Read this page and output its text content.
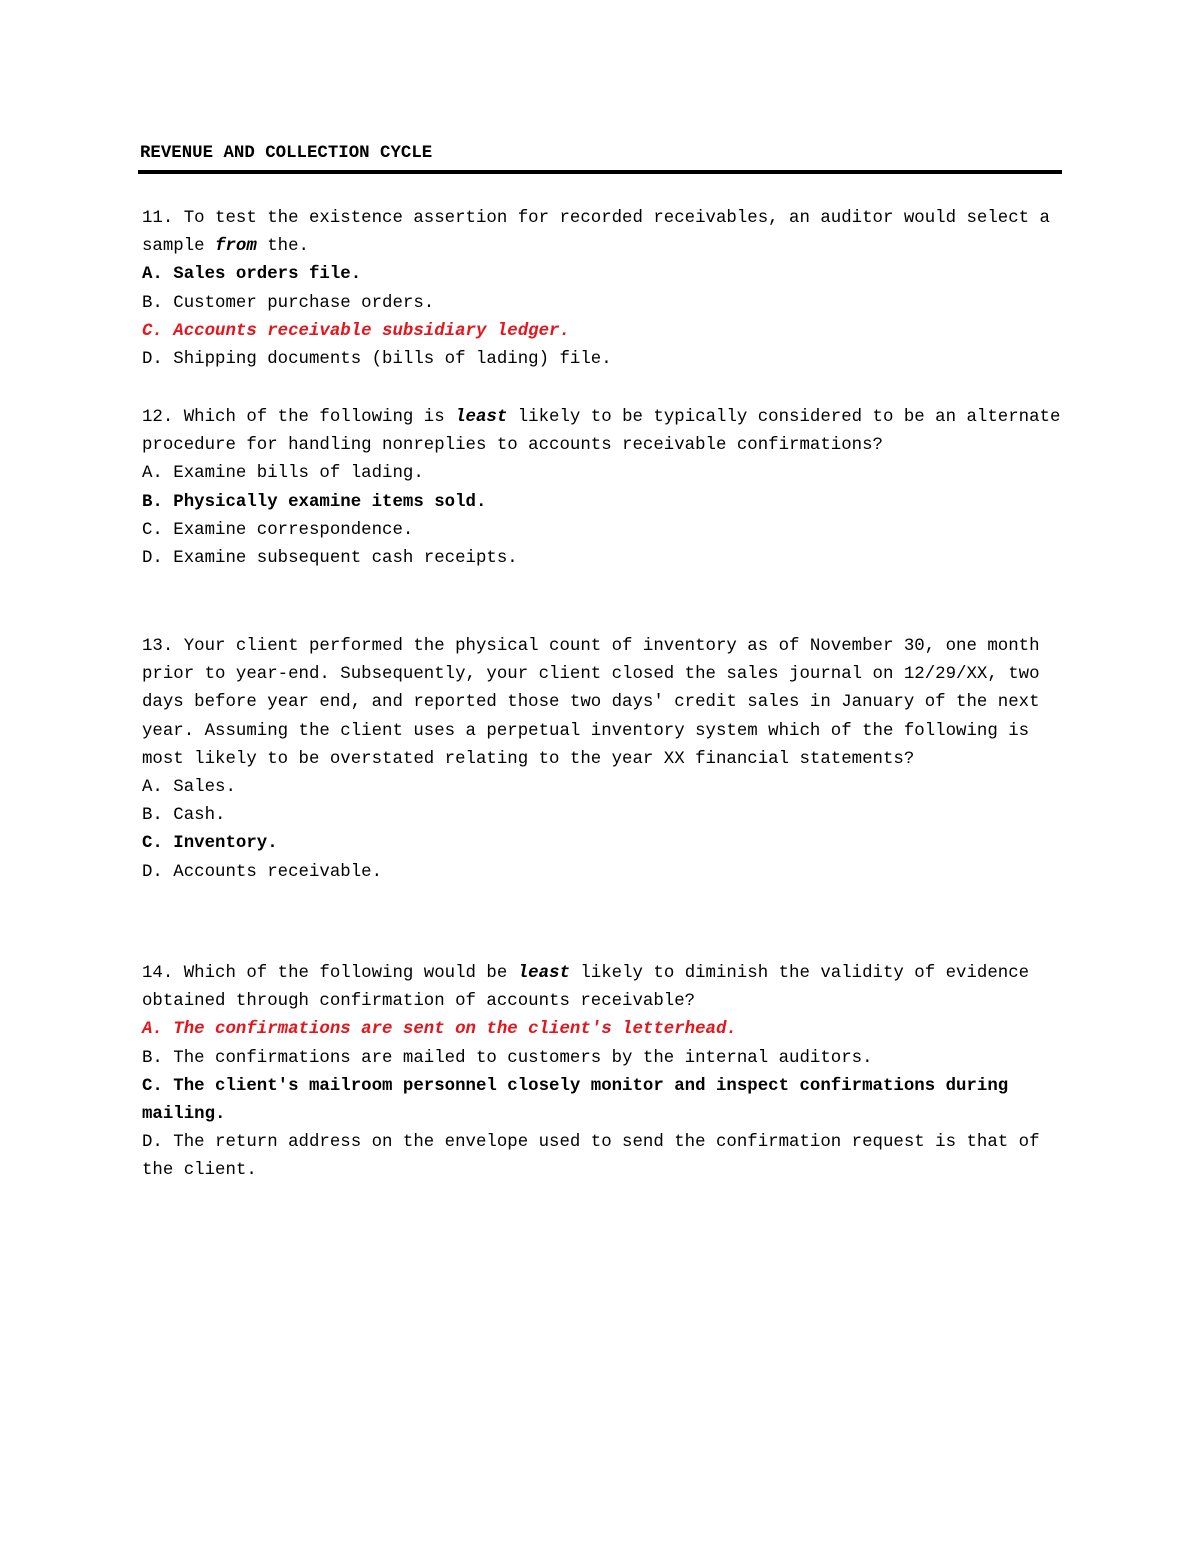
REVENUE AND COLLECTION CYCLE

11. To test the existence assertion for recorded receivables, an auditor would select a sample from the.

A. Sales orders file.

B. Customer purchase orders.

C. Accounts receivable subsidiary ledger.

D. Shipping documents (bills of lading) file.

12. Which of the following is least likely to be typically considered to be an alternate procedure for handling nonreplies to accounts receivable confirmations?

A. Examine bills of lading.

B. Physically examine items sold.

C. Examine correspondence.

D. Examine subsequent cash receipts.

13. Your client performed the physical count of inventory as of November 30, one month prior to year-end. Subsequently, your client closed the sales journal on 12/29/XX, two days before year end, and reported those two days' credit sales in January of the next year. Assuming the client uses a perpetual inventory system which of the following is most likely to be overstated relating to the year XX financial statements?

A. Sales.

B. Cash.

C. Inventory.

D. Accounts receivable.

14. Which of the following would be least likely to diminish the validity of evidence obtained through confirmation of accounts receivable?

A. The confirmations are sent on the client's letterhead.

B. The confirmations are mailed to customers by the internal auditors.

C. The client's mailroom personnel closely monitor and inspect confirmations during mailing.

D. The return address on the envelope used to send the confirmation request is that of the client.
